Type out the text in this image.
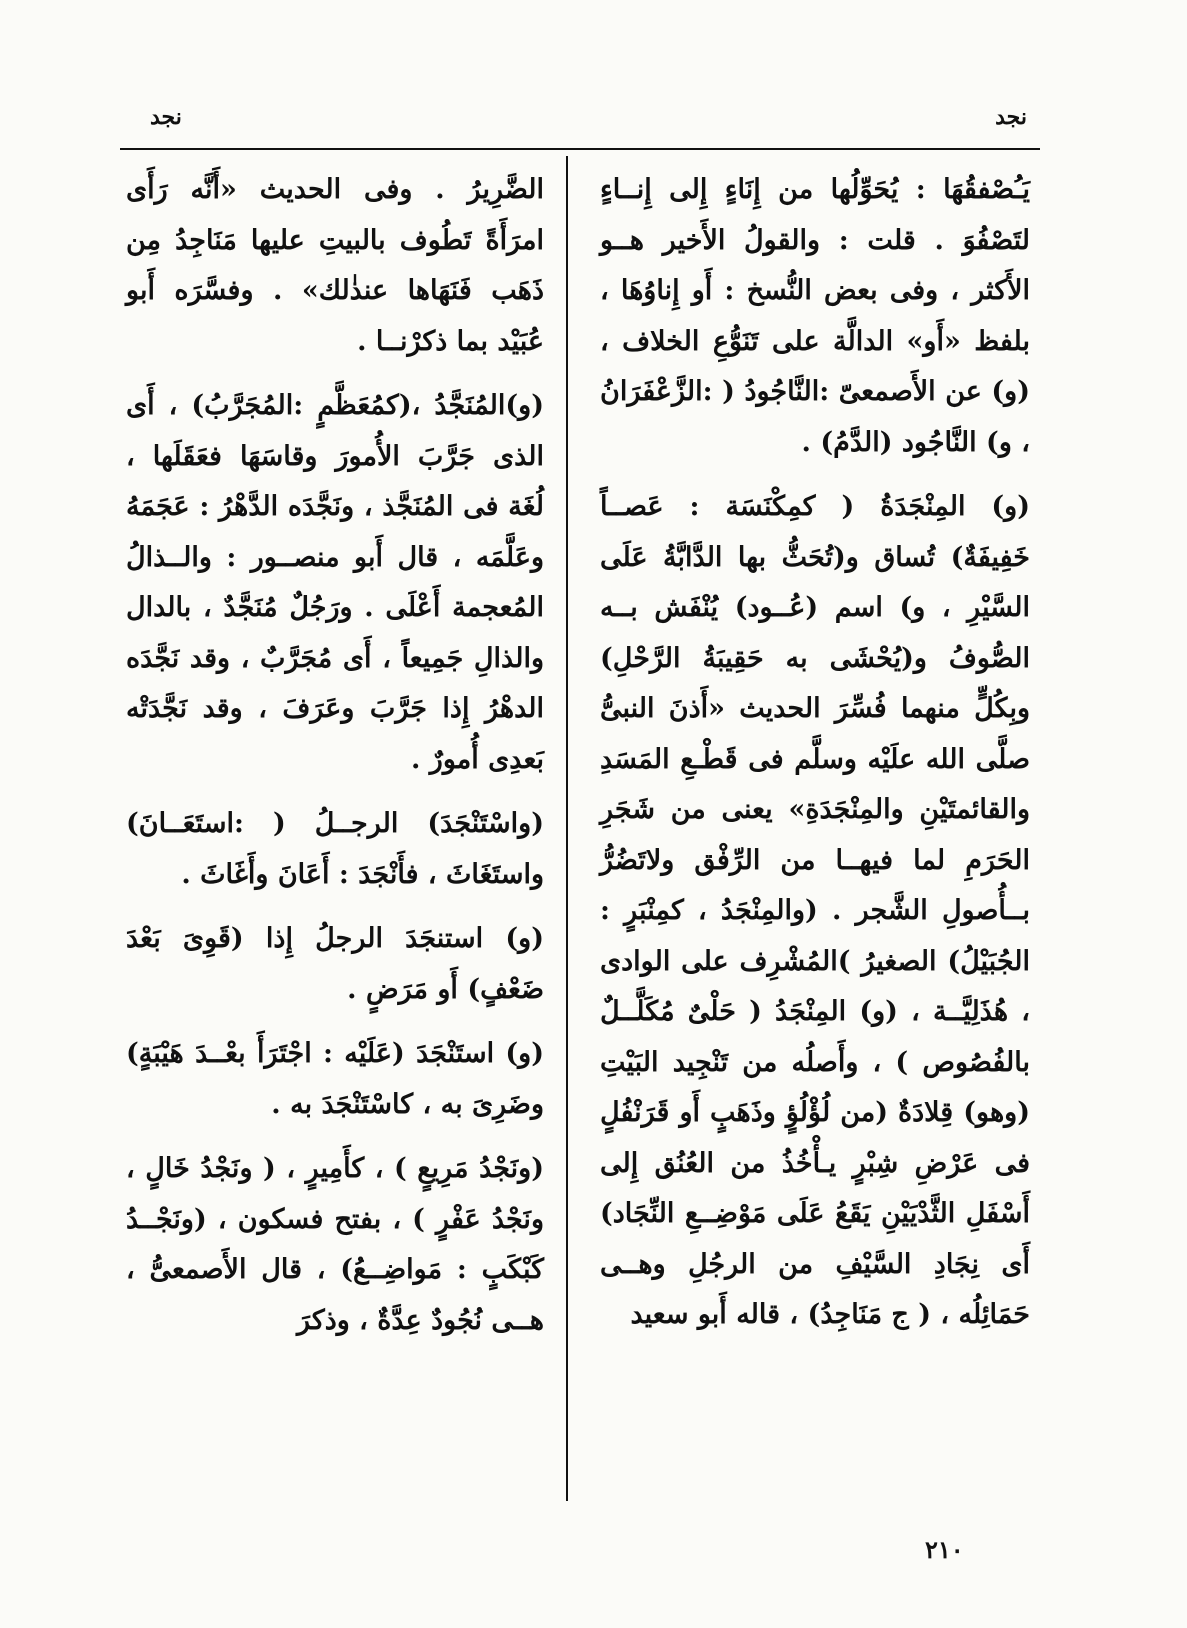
نجد
نجد

يَـُصْفقُهَا : يُحَوِّلُها من إِنَاءٍ إِلى إِنــاءٍ لتَصْفُوَ . قلت : والقولُ الأَخير هــو الأَكثر ، وفى بعض النُّسخ : أَو إِناوُهَا ، بلفظ «أَو» الدالَّة على تَنَوُّعِ الخلاف ، (و) عن الأَصمعىّ :النَّاجُودُ ( :الزَّعْفَرَانُ ، و) النَّاجُود (الدَّمُ) .

(و) المِنْجَدَةُ ( كمِكْنَسَة : عَصــاً خَفِيفَةٌ) تُساق و(تُحَثُّ بها الدَّابَّةُ عَلَى السَّيْرِ ، و) اسم (عُــود) يُنْفَش بــه الصُّوفُ و(يُحْشَى به حَقِيبَةُ الرَّحْلِ) وبِكُلٍّ منهما فُسِّرَ الحديث «أَذنَ النبىُّ صلَّى الله علَيْه وسلَّم فى قَطْـعِ المَسَدِ والقائمتَيْنِ والمِنْجَدَةِ» يعنى من شَجَرِ الحَرَمِ لما فيهــا من الرِّفْق ولاتَضُرُّ بــأُصولِ الشَّجر . (والمِنْجَدُ ، كمِنْبَرٍ : الجُبَيْلُ) الصغيرُ )المُشْرِف على الوادى ، هُذَلِيَّــة ، (و) المِنْجَدُ ( حَلْىٌ مُكَلَّــلٌ بالفُصُوص ) ، وأَصلُه من تَنْجِيد البَيْتِ (وهو) قِلادَةٌ (من لُؤْلُؤٍ وذَهَبٍ أَو قَرَنْفُلٍ فى عَرْضِ شِبْرٍ يـأْخُذُ من العُنُق إِلى أَسْفَلِ الثَّدْيَيْنِ يَقَعُ عَلَى مَوْضِــعِ النِّجَاد) أَى نِجَادِ السَّيْفِ من الرجُلِ وهــى حَمَائِلُه ، ( ج مَنَاجِدُ) ، قاله أَبو سعيد

الضَّرِيرُ . وفى الحديث «أَنَّه رَأَى امرَأَةً تَطُوف بالبيتِ عليها مَنَاجِدُ مِن ذَهَب فَنَهَاها عنذٰلك» . وفسَّرَه أَبو عُبَيْد بما ذكرْنــا .

(و)المُنَجَّدُ ،(كمُعَظَّمٍ :المُجَرَّبُ) ، أَى الذى جَرَّبَ الأُمورَ وقاسَهَا فعَقَلَها ، لُغَة فى المُنَجَّذ ، ونَجَّدَه الدَّهْرُ : عَجَمَهُ وعَلَّمَه ، قال أَبو منصــور : والــذالُ المُعجمة أَعْلَى . ورَجُلٌ مُنَجَّدٌ ، بالدال والذالِ جَمِيعاً ، أَى مُجَرَّبٌ ، وقد نَجَّدَه الدهْرُ إِذا جَرَّبَ وعَرَفَ ، وقد نَجَّدَتْه بَعدِى أُمورٌ .

(واسْتَنْجَدَ) الرجــلُ ( :استَعَــانَ) واستَغَاثَ ، فأَنْجَدَ : أَعَانَ وأَغَاثَ .

(و) استنجَدَ الرجلُ إِذا (قَوِىَ بَعْدَ ضَعْفٍ) أَو مَرَضٍ .

(و) استَنْجَدَ (عَلَيْه : اجْتَرَأَ بعْــدَ هَيْبَةٍ) وضَرِىَ به ، كاسْتَنْجَدَ به .

(ونَجْدُ مَرِيعٍ ) ، كأَمِيرٍ ، ( ونَجْدُ خَالٍ ، ونَجْدُ عَفْرٍ ) ، بفتح فسكون ، (ونَجْــدُ كَبْكَبٍ : مَواضِــعُ) ، قال الأَصمعىُّ ، هــى نُجُودٌ عِدَّةٌ ، وذكرَ

٢١٠
